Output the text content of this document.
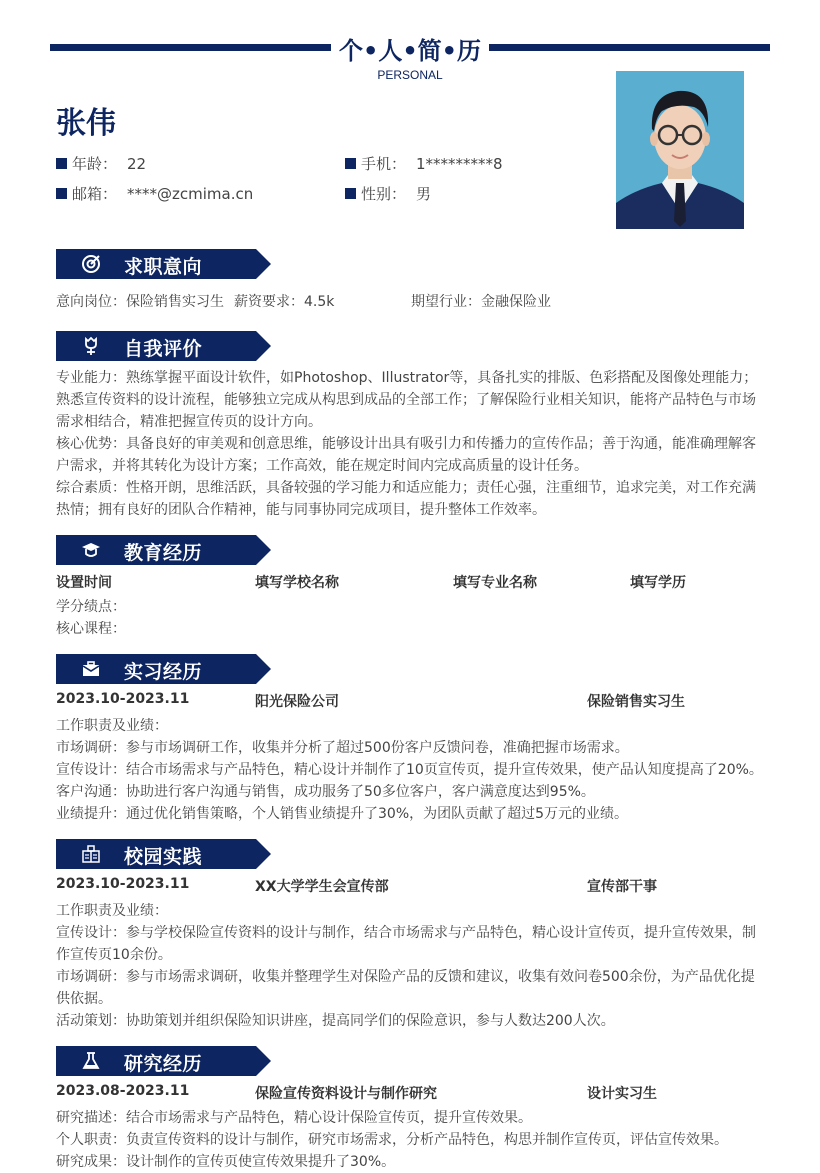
个•人•简•历
PERSONAL
张伟
年龄： 22	手机： 1*********8
邮箱： ****@zcmima.cn	性别： 男
求职意向
意向岗位：保险销售实习生 薪资要求：4.5k	期望行业：金融保险业
自我评价
专业能力：熟练掌握平面设计软件，如Photoshop、Illustrator等，具备扎实的排版、色彩搭配及图像处理能力；熟悉宣传资料的设计流程，能够独立完成从构思到成品的全部工作；了解保险行业相关知识，能将产品特色与市场需求相结合，精准把握宣传页的设计方向。
核心优势：具备良好的审美观和创意思维，能够设计出具有吸引力和传播力的宣传作品；善于沟通，能准确理解客户需求，并将其转化为设计方案；工作高效，能在规定时间内完成高质量的设计任务。
综合素质：性格开朗，思维活跃，具备较强的学习能力和适应能力；责任心强，注重细节，追求完美，对工作充满热情；拥有良好的团队合作精神，能与同事协同完成项目，提升整体工作效率。
教育经历
设置时间	填写学校名称	填写专业名称	填写学历
学分绩点：
核心课程：
实习经历
2023.10-2023.11	阳光保险公司	保险销售实习生
工作职责及业绩：
市场调研：参与市场调研工作，收集并分析了超过500份客户反馈问卷，准确把握市场需求。
宣传设计：结合市场需求与产品特色，精心设计并制作了10页宣传页，提升宣传效果，使产品认知度提高了20%。
客户沟通：协助进行客户沟通与销售，成功服务了50多位客户，客户满意度达到95%。
业绩提升：通过优化销售策略，个人销售业绩提升了30%，为团队贡献了超过5万元的业绩。
校园实践
2023.10-2023.11	XX大学学生会宣传部	宣传部干事
工作职责及业绩：
宣传设计：参与学校保险宣传资料的设计与制作，结合市场需求与产品特色，精心设计宣传页，提升宣传效果，制作宣传页10余份。
市场调研：参与市场需求调研，收集并整理学生对保险产品的反馈和建议，收集有效问卷500余份，为产品优化提供依据。
活动策划：协助策划并组织保险知识讲座，提高同学们的保险意识，参与人数达200人次。
研究经历
2023.08-2023.11	保险宣传资料设计与制作研究	设计实习生
研究描述：结合市场需求与产品特色，精心设计保险宣传页，提升宣传效果。
个人职责：负责宣传资料的设计与制作，研究市场需求，分析产品特色，构思并制作宣传页，评估宣传效果。
研究成果：设计制作的宣传页使宣传效果提升了30%。
